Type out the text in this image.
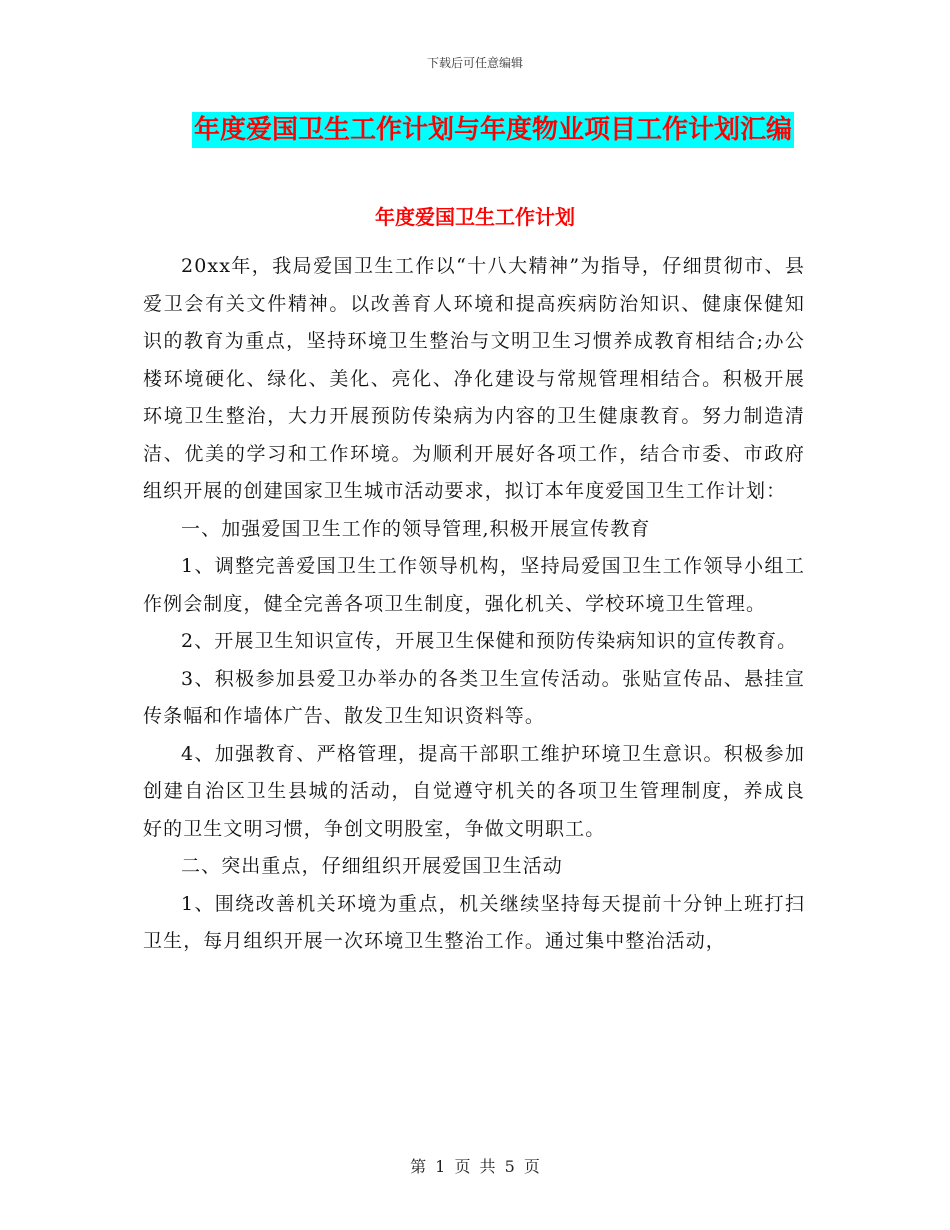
下载后可任意编辑
年度爱国卫生工作计划与年度物业项目工作计划汇编
年度爱国卫生工作计划

20xx年，我局爱国卫生工作以“十八大精神”为指导，仔细贯彻市、县爱卫会有关文件精神。以改善育人环境和提高疾病防治知识、健康保健知识的教育为重点，坚持环境卫生整治与文明卫生习惯养成教育相结合;办公楼环境硬化、绿化、美化、亮化、净化建设与常规管理相结合。积极开展环境卫生整治，大力开展预防传染病为内容的卫生健康教育。努力制造清洁、优美的学习和工作环境。为顺利开展好各项工作，结合市委、市政府组织开展的创建国家卫生城市活动要求，拟订本年度爱国卫生工作计划：

一、加强爱国卫生工作的领导管理,积极开展宣传教育

1、调整完善爱国卫生工作领导机构，坚持局爱国卫生工作领导小组工作例会制度，健全完善各项卫生制度，强化机关、学校环境卫生管理。

2、开展卫生知识宣传，开展卫生保健和预防传染病知识的宣传教育。

3、积极参加县爱卫办举办的各类卫生宣传活动。张贴宣传品、悬挂宣传条幅和作墙体广告、散发卫生知识资料等。

4、加强教育、严格管理，提高干部职工维护环境卫生意识。积极参加创建自治区卫生县城的活动，自觉遵守机关的各项卫生管理制度，养成良好的卫生文明习惯，争创文明股室，争做文明职工。

二、突出重点，仔细组织开展爱国卫生活动

1、围绕改善机关环境为重点，机关继续坚持每天提前十分钟上班打扫卫生，每月组织开展一次环境卫生整治工作。通过集中整治活动，

第 1 页 共 5 页
